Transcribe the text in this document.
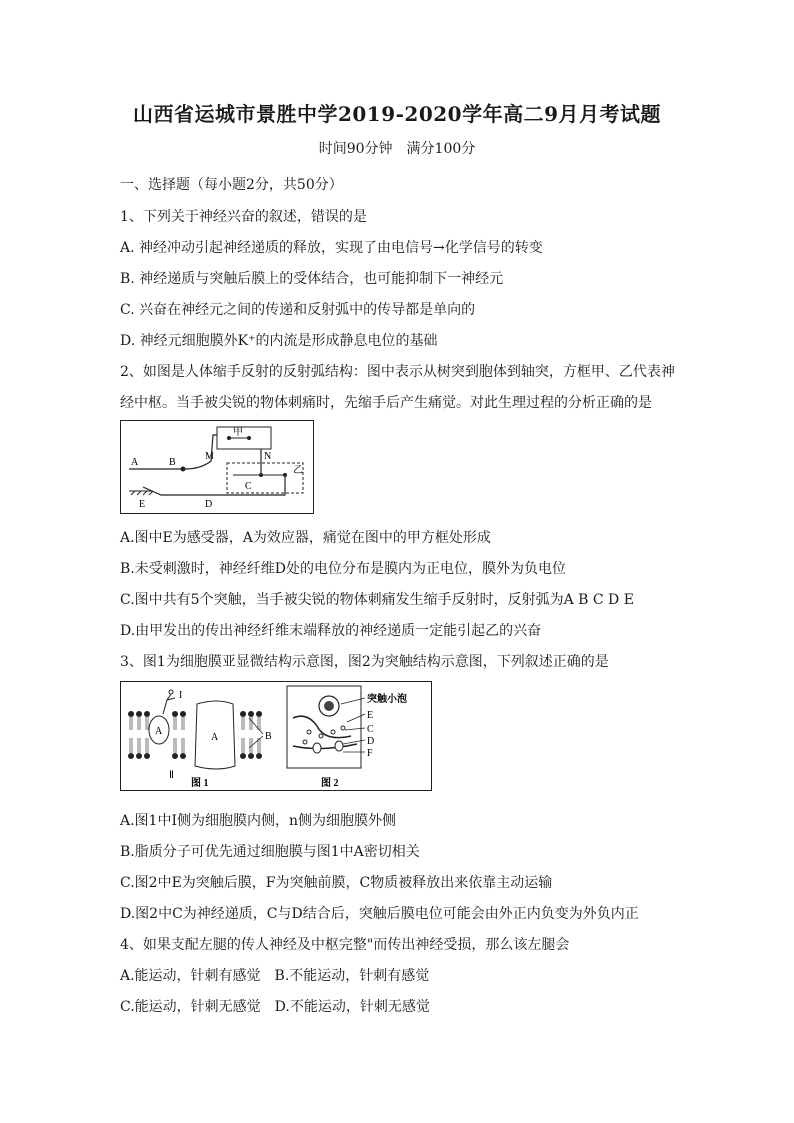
山西省运城市景胜中学2019-2020学年高二9月月考试题
时间90分钟　满分100分
一、选择题（每小题2分，共50分）
1、下列关于神经兴奋的叙述，错误的是
A. 神经冲动引起神经递质的释放，实现了由电信号→化学信号的转变
B. 神经递质与突触后膜上的受体结合，也可能抑制下一神经元
C. 兴奋在神经元之间的传递和反射弧中的传导都是单向的
D. 神经元细胞膜外K⁺的内流是形成静息电位的基础
2、如图是人体缩手反射的反射弧结构：图中表示从树突到胞体到轴突，方框甲、乙代表神
经中枢。当手被尖锐的物体刺痛时，先缩手后产生痛觉。对此生理过程的分析正确的是
甲
乙
A	B
M	N
C
D
E
A.图中E为感受器，A为效应器，痛觉在图中的甲方框处形成
B.未受刺激时，神经纤维D处的电位分布是膜内为正电位，膜外为负电位
C.图中共有5个突触，当手被尖锐的物体刺痛发生缩手反射时，反射弧为A B C D E
D.由甲发出的传出神经纤维末端释放的神经递质一定能引起乙的兴奋
3、图1为细胞膜亚显微结构示意图，图2为突触结构示意图，下列叙述正确的是
A
A
I
Ⅱ
B
图 1
突触小泡
E
C
D
F
图 2
A.图1中I侧为细胞膜内侧，n侧为细胞膜外侧
B.脂质分子可优先通过细胞膜与图1中A密切相关
C.图2中E为突触后膜，F为突触前膜，C物质被释放出来依靠主动运输
D.图2中C为神经递质，C与D结合后，突触后膜电位可能会由外正内负变为外负内正
4、如果支配左腿的传人神经及中枢完整"而传出神经受损，那么该左腿会
A.能运动，针刺有感觉　B.不能运动，针刺有感觉
C.能运动，针刺无感觉　D.不能运动，针刺无感觉
